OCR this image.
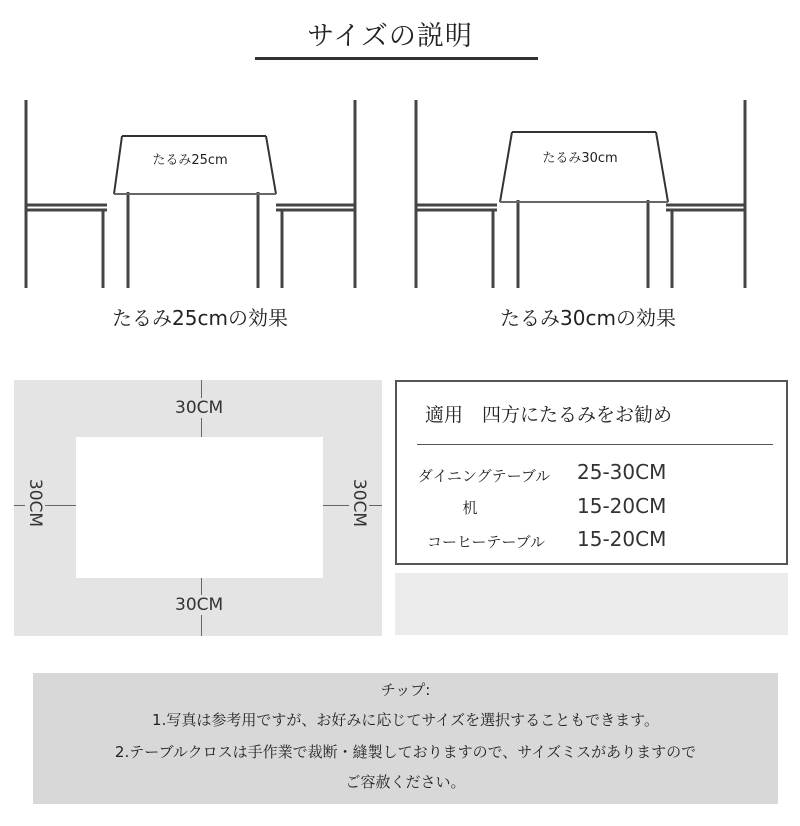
サイズの説明
たるみ25cm
たるみ25cmの効果
たるみ30cm
たるみ30cmの効果
30CM
30CM
30CM	30CM
適用　四方にたるみをお勧め
ダイニングテーブル	25-30CM
机	15-20CM
コーヒーテーブル	15-20CM
チップ:
1.写真は参考用ですが、お好みに応じてサイズを選択することもできます。
2.テーブルクロスは手作業で裁断・縫製しておりますので、サイズミスがありますので
ご容赦ください。
